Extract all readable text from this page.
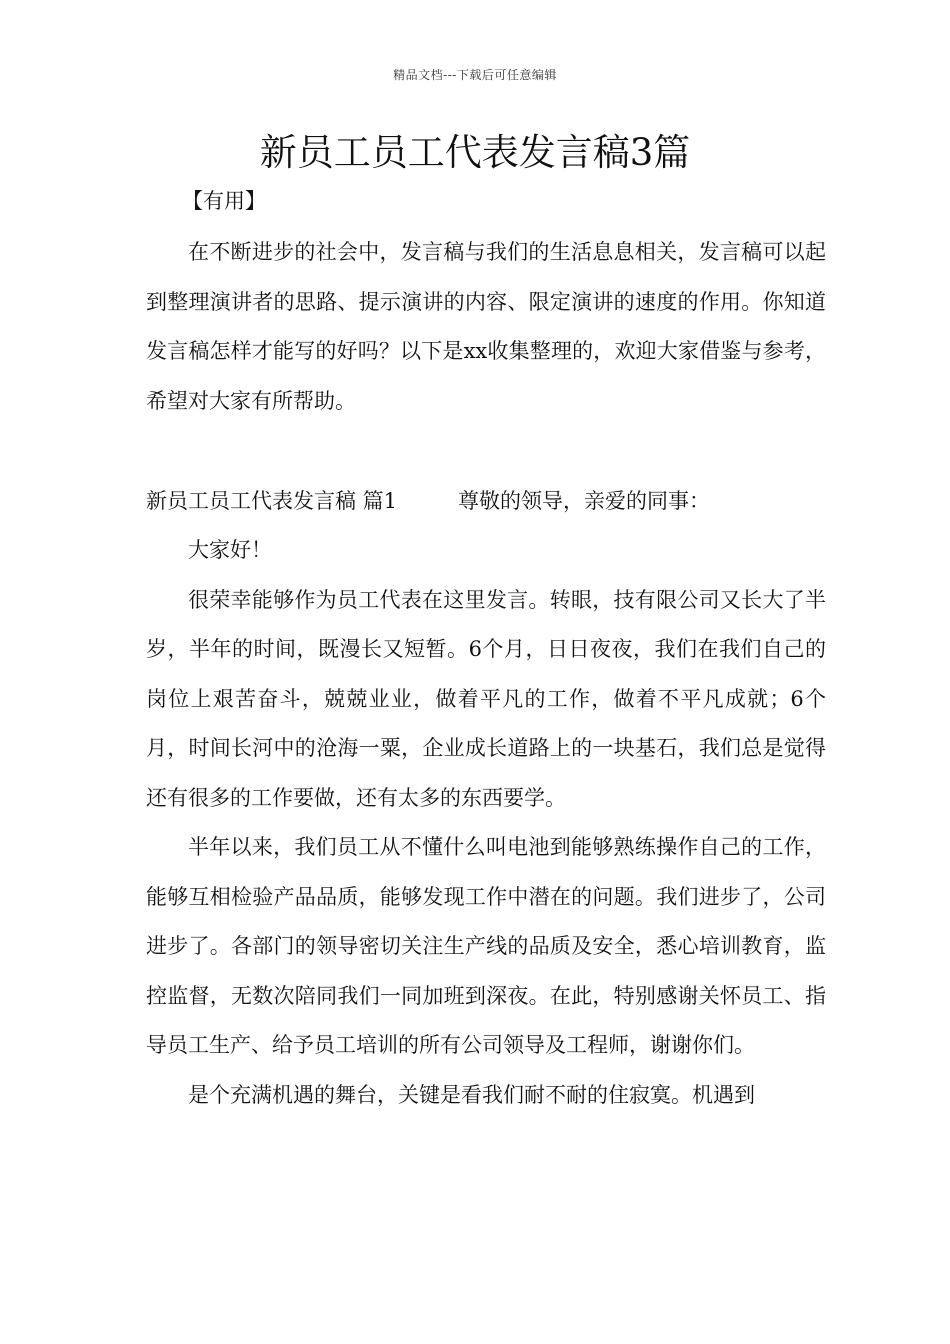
精品文档---下载后可任意编辑
新员工员工代表发言稿3篇
【有用】

在不断进步的社会中，发言稿与我们的生活息息相关，发言稿可以起到整理演讲者的思路、提示演讲的内容、限定演讲的速度的作用。你知道发言稿怎样才能写的好吗？以下是xx收集整理的，欢迎大家借鉴与参考，希望对大家有所帮助。

新员工员工代表发言稿 篇1	尊敬的领导，亲爱的同事：

大家好！

很荣幸能够作为员工代表在这里发言。转眼，技有限公司又长大了半岁，半年的时间，既漫长又短暂。6个月，日日夜夜，我们在我们自己的岗位上艰苦奋斗，兢兢业业，做着平凡的工作，做着不平凡成就；6个月，时间长河中的沧海一粟，企业成长道路上的一块基石，我们总是觉得还有很多的工作要做，还有太多的东西要学。

半年以来，我们员工从不懂什么叫电池到能够熟练操作自己的工作，能够互相检验产品品质，能够发现工作中潜在的问题。我们进步了，公司进步了。各部门的领导密切关注生产线的品质及安全，悉心培训教育，监控监督，无数次陪同我们一同加班到深夜。在此，特别感谢关怀员工、指导员工生产、给予员工培训的所有公司领导及工程师，谢谢你们。

是个充满机遇的舞台，关键是看我们耐不耐的住寂寞。机遇到
